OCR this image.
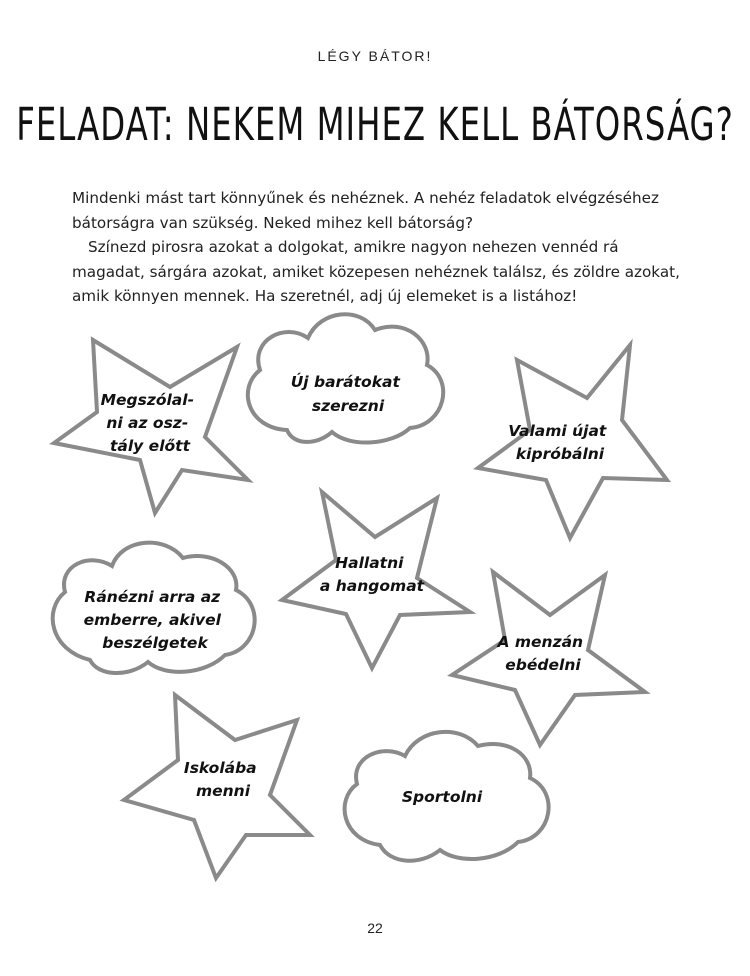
LÉGY BÁTOR!
FELADAT: NEKEM MIHEZ KELL BÁTORSÁG?

Mindenki mást tart könnyűnek és nehéznek. A nehéz feladatok elvégzéséhez bátorságra van szükség. Neked mihez kell bátorság?

Színezd pirosra azokat a dolgokat, amikre nagyon nehezen vennéd rá magadat, sárgára azokat, amiket közepesen nehéznek találsz, és zöldre azokat, amik könnyen mennek. Ha szeretnél, adj új elemeket is a listához!

Megszólal- ni az osz- tály előtt
Új barátokat szerezni
Valami újat kipróbálni
Hallatni a hangomat
Ránézni arra az emberre, akivel beszélgetek	A menzán ebédelni
Iskolába menni	Sportolni
22
